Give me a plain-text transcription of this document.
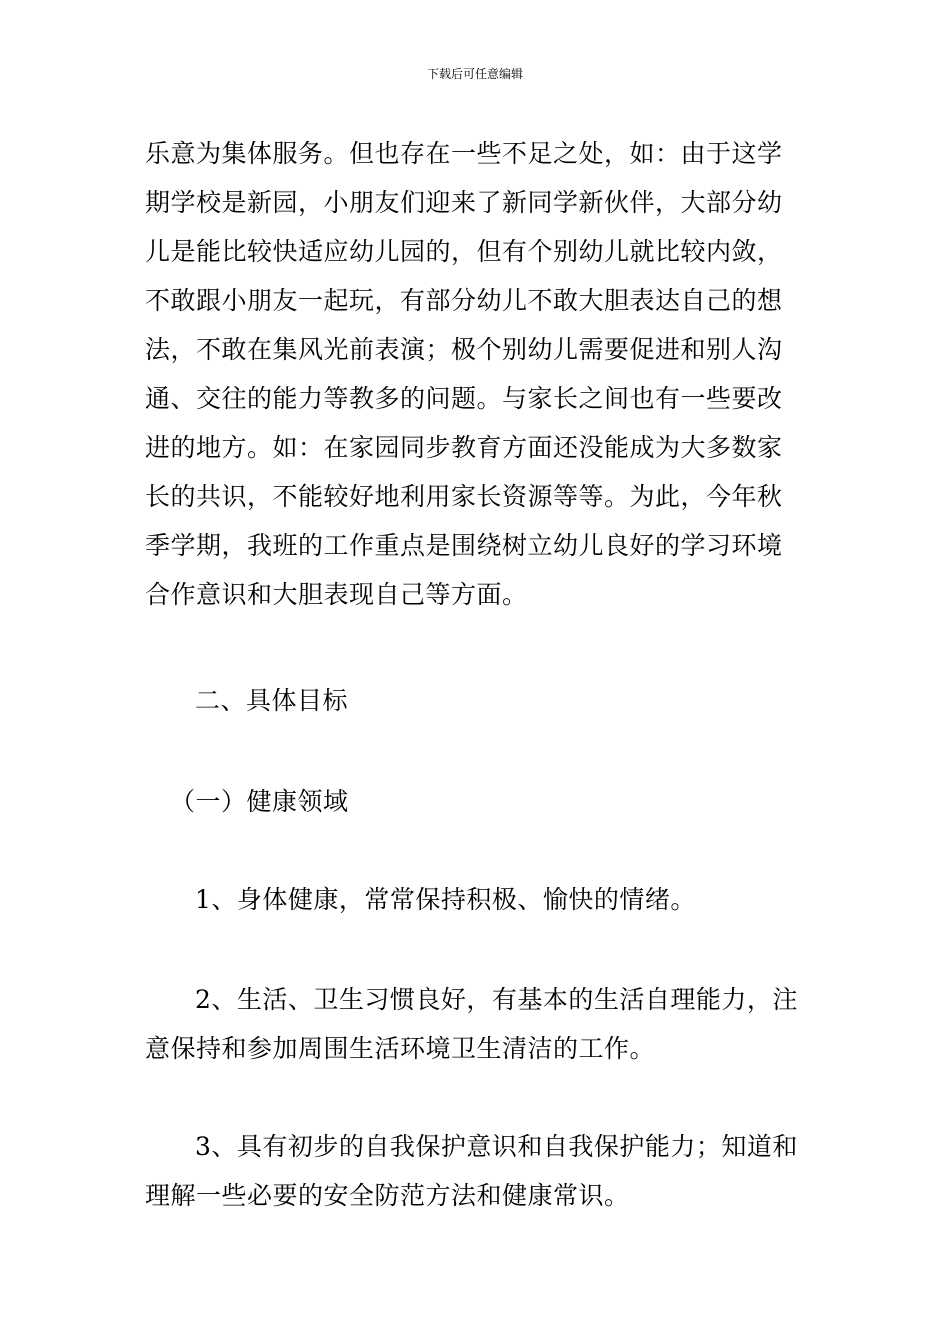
下载后可任意编辑
乐意为集体服务。但也存在一些不足之处，如：由于这学
期学校是新园，小朋友们迎来了新同学新伙伴，大部分幼
儿是能比较快适应幼儿园的，但有个别幼儿就比较内敛，
不敢跟小朋友一起玩，有部分幼儿不敢大胆表达自己的想
法，不敢在集风光前表演；极个别幼儿需要促进和别人沟
通、交往的能力等教多的问题。与家长之间也有一些要改
进的地方。如：在家园同步教育方面还没能成为大多数家
长的共识，不能较好地利用家长资源等等。为此，今年秋
季学期，我班的工作重点是围绕树立幼儿良好的学习环境
合作意识和大胆表现自己等方面。
二、具体目标
（一）健康领域
1、身体健康，常常保持积极、愉快的情绪。
2、生活、卫生习惯良好，有基本的生活自理能力，注
意保持和参加周围生活环境卫生清洁的工作。
3、具有初步的自我保护意识和自我保护能力；知道和
理解一些必要的安全防范方法和健康常识。
